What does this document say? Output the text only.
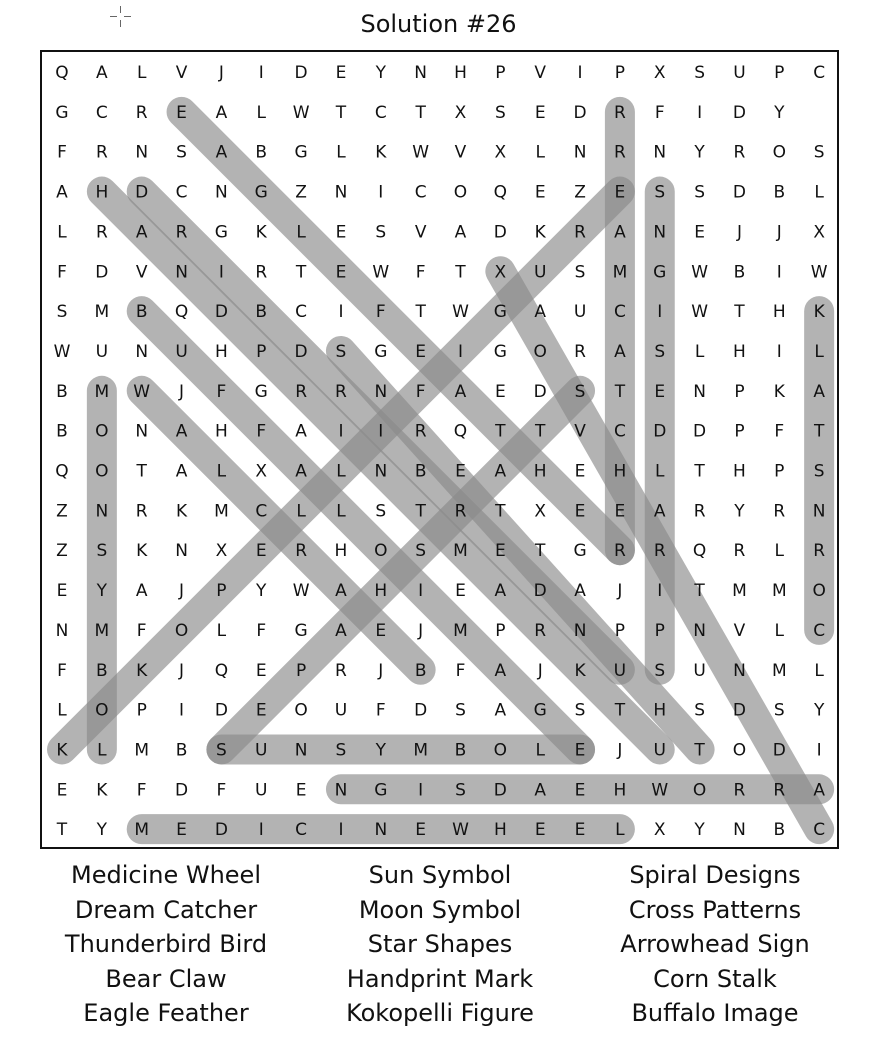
Solution #26
Q A L V J I D E Y N H P V I P X S U P C
G C R E A L W T C T X S E D R F I D Y
F R N S A B G L K W V X L N R N Y R O S
A H D C N G Z N I C O Q E Z E S S D B L
L R A R G K L E S V A D K R A N E J J X
F D V N I R T E W F T X U S M G W B I W
S M B Q D B C I F T W G A U C I W T H K
W U N U H P D S G E I G O R A S L H I L
B M W J F G R R N F A E D S T E N P K A
B O N A H F A I I R Q T T V C D D P F T
Q O T A L X A L N B E A H E H L T H P S
Z N R K M C L L S T R T X E E A R Y R N
Z S K N X E R H O S M E T G R R Q R L R
E Y A J P Y W A H I E A D A J I T M M O
N M F O L F G A E J M P R N P P N V L C
F B K J Q E P R J B F A J K U S U N M L
L O P I D E O U F D S A G S T H S D S Y
K L M B S U N S Y M B O L E J U T O D I
E K F D F U E N G I S D A E H W O R R A
T Y M E D I C I N E W H E E L X Y N B C
Medicine Wheel
Dream Catcher
Thunderbird Bird
Bear Claw
Eagle Feather
Sun Symbol
Moon Symbol
Star Shapes
Handprint Mark
Kokopelli Figure
Spiral Designs
Cross Patterns
Arrowhead Sign
Corn Stalk
Buffalo Image
